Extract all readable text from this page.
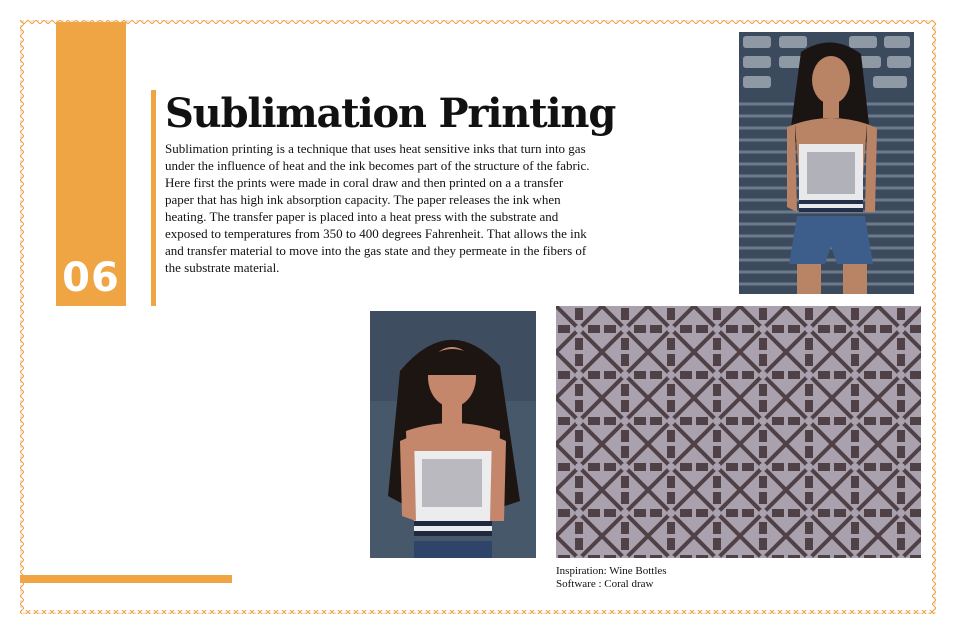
06
Sublimation Printing

Sublimation printing is a technique that uses heat sensitive inks that turn into gas under the influence of heat and the ink becomes part of the structure of the fabric.

Here first the prints were made in coral draw and then printed on a a transfer paper that has high ink absorption capacity. The paper releases the ink when heating. The transfer paper is placed into a heat press with the substrate and exposed to temperatures from 350 to 400 degrees Fahrenheit. That allows the ink and transfer material to move into the gas state and they permeate in the fibers of the substrate material.

Inspiration: Wine Bottles
Software : Coral draw
